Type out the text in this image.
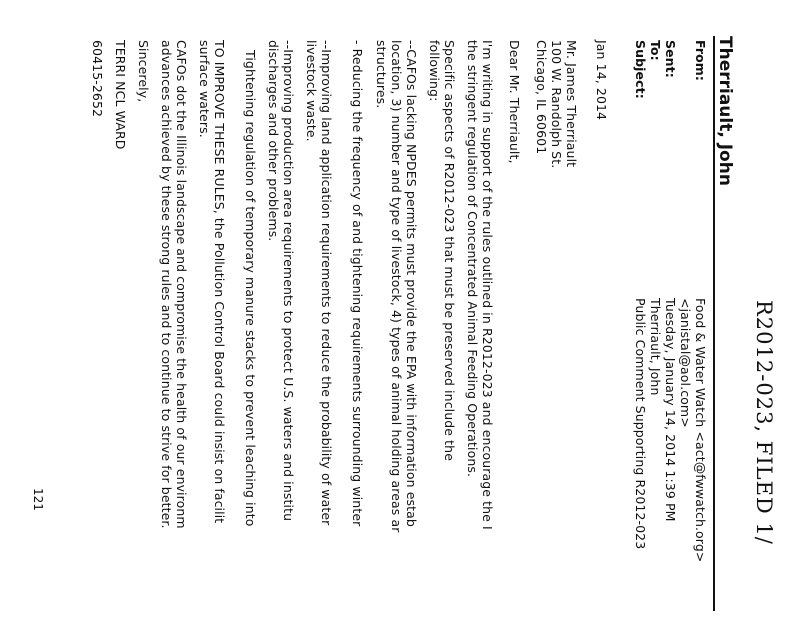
R2012-023, FILED 1/
Therriault, John
From:
Sent:
To:
Subject:
Food & Water Watch <act@fwwatch.org>
<janistal@aol.com>
Tuesday, January 14, 2014 1:39 PM
Therriault, John
Public Comment Supporting R2012-023
Jan 14, 2014
Mr. James Therriault
100 W. Randolph St.
Chicago, IL 60601
Dear Mr. Therriault,
I'm writing in support of the rules outlined in R2012-023 and encourage the I
the stringent regulation of Concentrated Animal Feeding Operations.
Specific aspects of R2012-023 that must be preserved include the
following:
--CAFOs lacking NPDES permits must provide the EPA with information estab
location, 3) number and type of livestock, 4) types of animal holding areas ar
structures.
- Reducing the frequency of and tightening requirements surrounding winter
--Improving land application requirements to reduce the probability of water
livestock waste.
--Improving production area requirements to protect U.S. waters and institu
discharges and other problems.
Tightening regulation of temporary manure stacks to prevent leaching into
TO IMPROVE THESE RULES, the Pollution Control Board could insist on facilit
surface waters.
CAFOs dot the Illinois landscape and compromise the health of our environm
advances achieved by these strong rules and to continue to strive for better.
Sincerely,
TERRI NCL WARD
60415-2652
121
